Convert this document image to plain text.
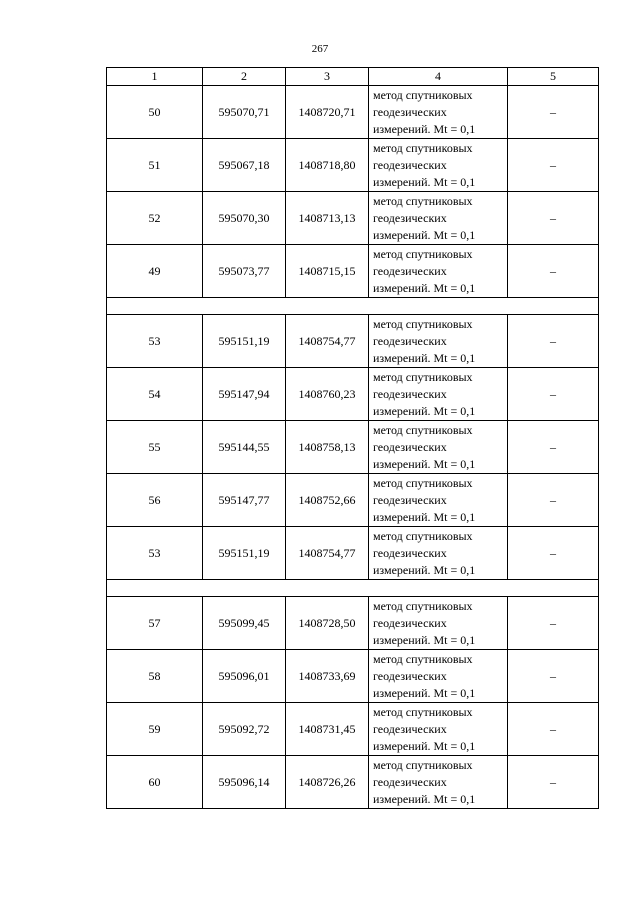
267
1	2	3	4	5
50	595070,71	1408720,71	метод спутниковых
геодезических
измерений. Mt = 0,1	–
51	595067,18	1408718,80	метод спутниковых
геодезических
измерений. Mt = 0,1	–
52	595070,30	1408713,13	метод спутниковых
геодезических
измерений. Mt = 0,1	–
49	595073,77	1408715,15	метод спутниковых
геодезических
измерений. Mt = 0,1	–

53	595151,19	1408754,77	метод спутниковых
геодезических
измерений. Mt = 0,1	–
54	595147,94	1408760,23	метод спутниковых
геодезических
измерений. Mt = 0,1	–
55	595144,55	1408758,13	метод спутниковых
геодезических
измерений. Mt = 0,1	–
56	595147,77	1408752,66	метод спутниковых
геодезических
измерений. Mt = 0,1	–
53	595151,19	1408754,77	метод спутниковых
геодезических
измерений. Mt = 0,1	–

57	595099,45	1408728,50	метод спутниковых
геодезических
измерений. Mt = 0,1	–
58	595096,01	1408733,69	метод спутниковых
геодезических
измерений. Mt = 0,1	–
59	595092,72	1408731,45	метод спутниковых
геодезических
измерений. Mt = 0,1	–
60	595096,14	1408726,26	метод спутниковых
геодезических
измерений. Mt = 0,1	–
